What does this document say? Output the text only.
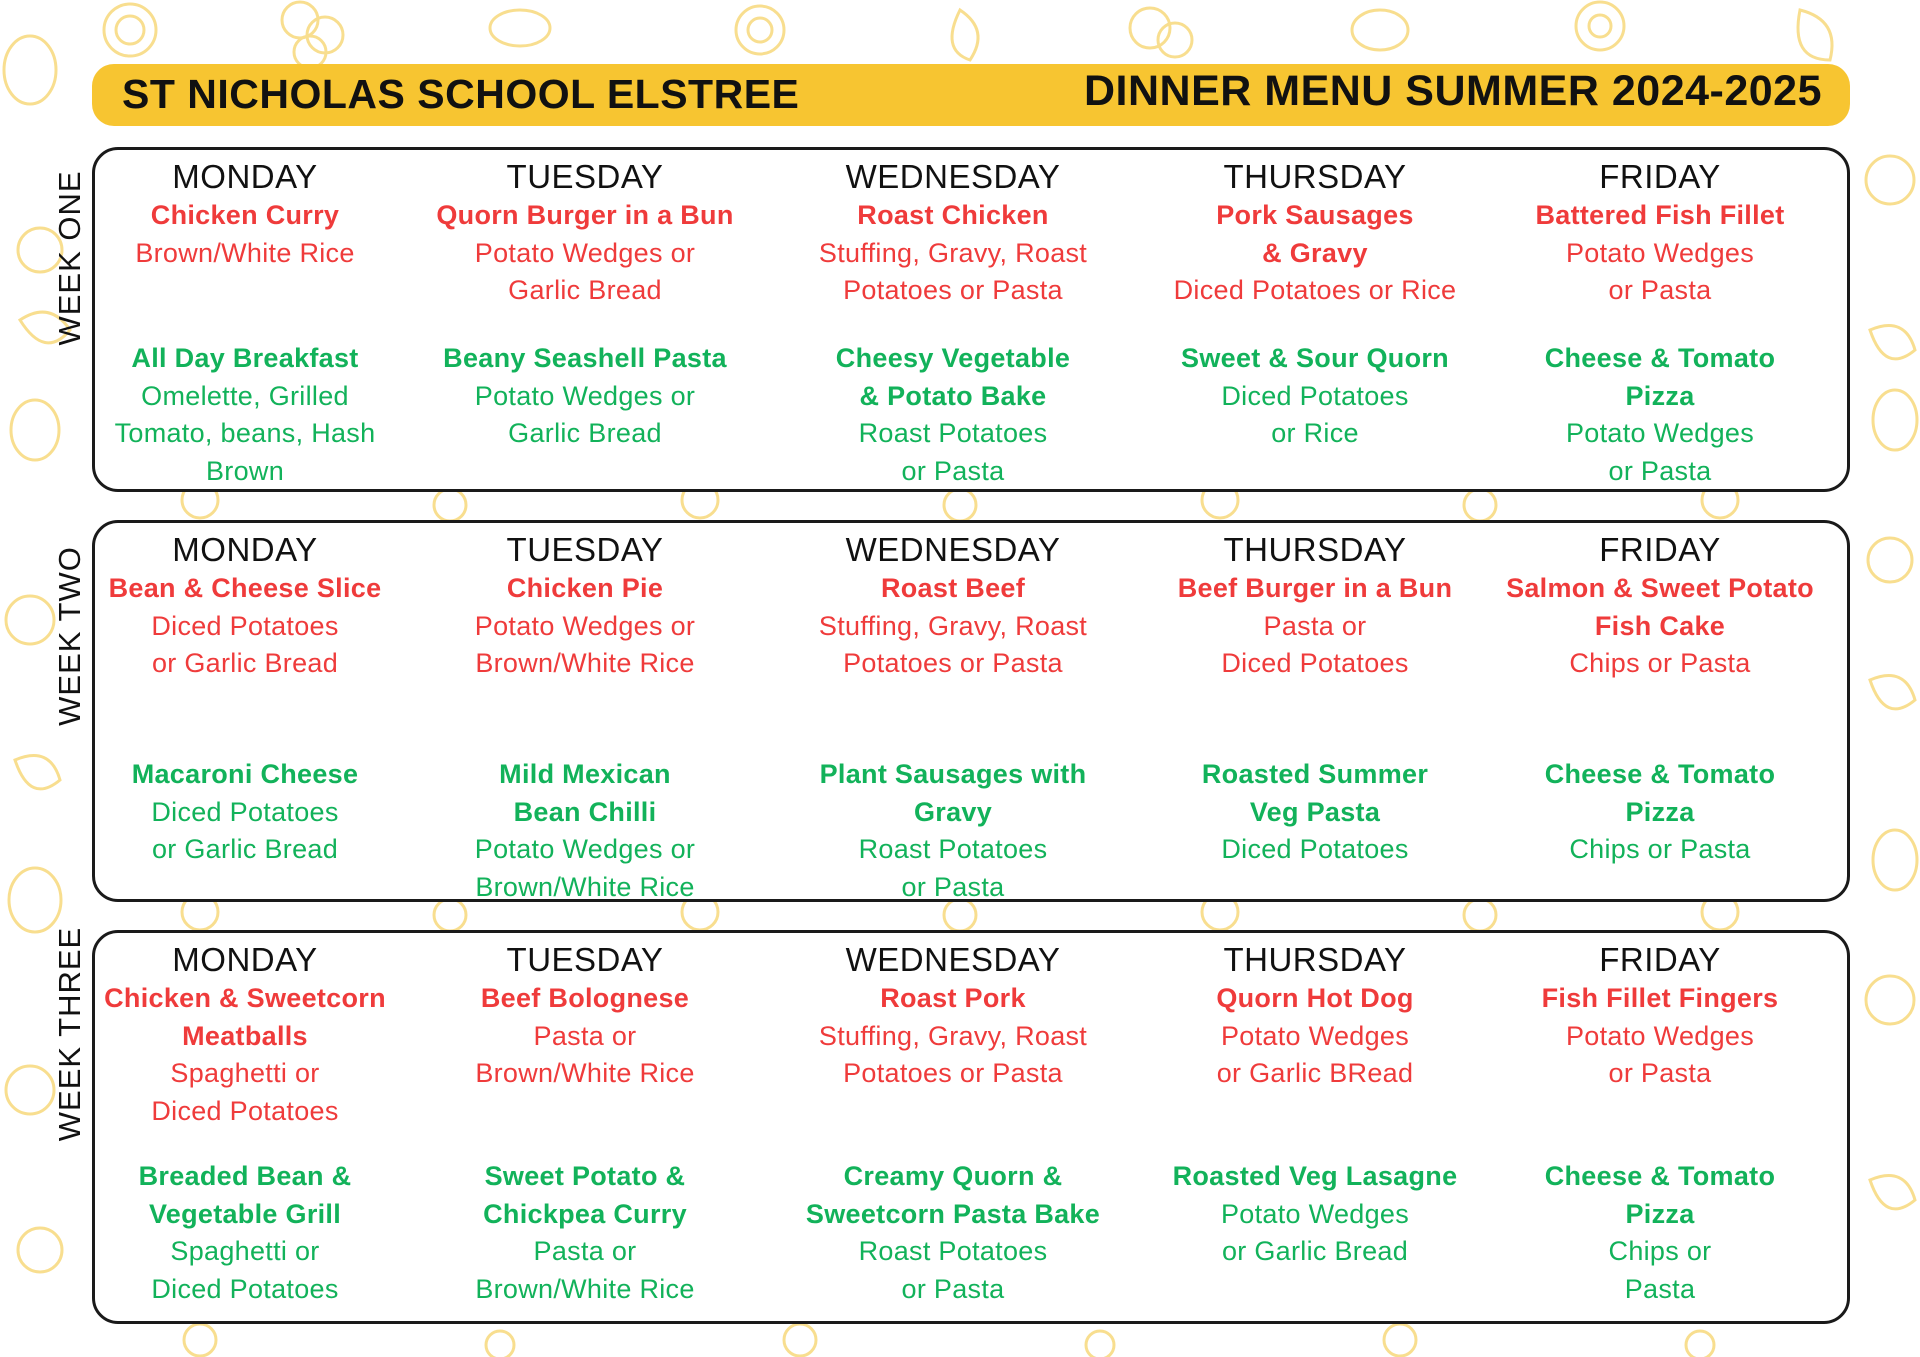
ST NICHOLAS SCHOOL ELSTREE	DINNER MENU SUMMER 2024-2025
WEEK ONE
WEEK TWO
WEEK THREE
MONDAY
Chicken Curry
Brown/White Rice
All Day Breakfast
Omelette, Grilled
Tomato, beans, Hash
Brown
TUESDAY
Quorn Burger in a Bun
Potato Wedges or
Garlic Bread
Beany Seashell Pasta
Potato Wedges or
Garlic Bread
WEDNESDAY
Roast Chicken
Stuffing, Gravy, Roast
Potatoes or Pasta
Cheesy Vegetable
& Potato Bake
Roast Potatoes
or Pasta
THURSDAY
Pork Sausages
& Gravy
Diced Potatoes or Rice
Sweet & Sour Quorn
Diced Potatoes
or Rice
FRIDAY
Battered Fish Fillet
Potato Wedges
or Pasta
Cheese & Tomato
Pizza
Potato Wedges
or Pasta
MONDAY
Bean & Cheese Slice
Diced Potatoes
or Garlic Bread
Macaroni Cheese
Diced Potatoes
or Garlic Bread
TUESDAY
Chicken Pie
Potato Wedges or
Brown/White Rice
Mild Mexican
Bean Chilli
Potato Wedges or
Brown/White Rice
WEDNESDAY
Roast Beef
Stuffing, Gravy, Roast
Potatoes or Pasta
Plant Sausages with
Gravy
Roast Potatoes
or Pasta
THURSDAY
Beef Burger in a Bun
Pasta or
Diced Potatoes
Roasted Summer
Veg Pasta
Diced Potatoes
FRIDAY
Salmon & Sweet Potato
Fish Cake
Chips or Pasta
Cheese & Tomato
Pizza
Chips or Pasta
MONDAY
Chicken & Sweetcorn
Meatballs
Spaghetti or
Diced Potatoes
Breaded Bean &
Vegetable Grill
Spaghetti or
Diced Potatoes
TUESDAY
Beef Bolognese
Pasta or
Brown/White Rice
Sweet Potato &
Chickpea Curry
Pasta or
Brown/White Rice
WEDNESDAY
Roast Pork
Stuffing, Gravy, Roast
Potatoes or Pasta
Creamy Quorn &
Sweetcorn Pasta Bake
Roast Potatoes
or Pasta
THURSDAY
Quorn Hot Dog
Potato Wedges
or Garlic BRead
Roasted Veg Lasagne
Potato Wedges
or Garlic Bread
FRIDAY
Fish Fillet Fingers
Potato Wedges
or Pasta
Cheese & Tomato
Pizza
Chips or
Pasta
